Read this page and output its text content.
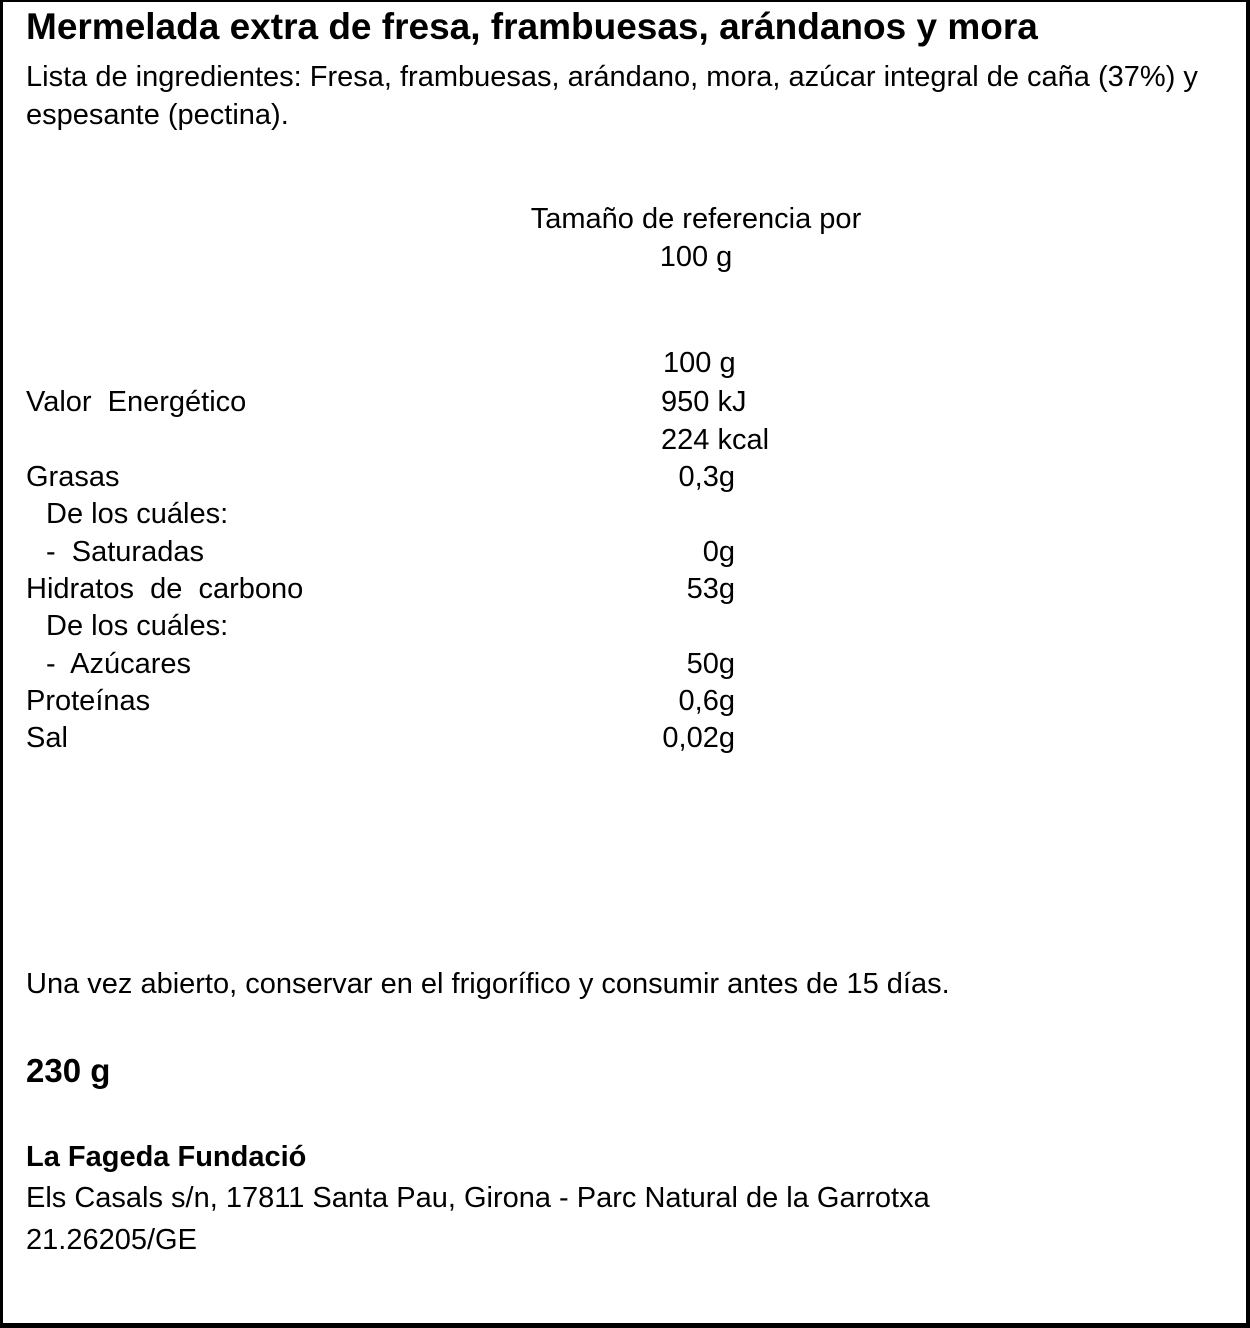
Mermelada extra de fresa, frambuesas, arándanos y mora
Lista de ingredientes: Fresa, frambuesas, arándano, mora, azúcar integral de caña (37%) y espesante (pectina).
Tamaño de referencia por
100 g
100 g
Valor  Energético	950 kJ
224 kcal
Grasas	0,3g
De los cuáles:
-  Saturadas	0g
Hidratos  de  carbono	53g
De los cuáles:
-  Azúcares	50g
Proteínas	0,6g
Sal	0,02g
Una vez abierto, conservar en el frigorífico y consumir antes de 15 días.
230 g
La Fageda Fundació
Els Casals s/n, 17811 Santa Pau, Girona - Parc Natural de la Garrotxa
21.26205/GE
